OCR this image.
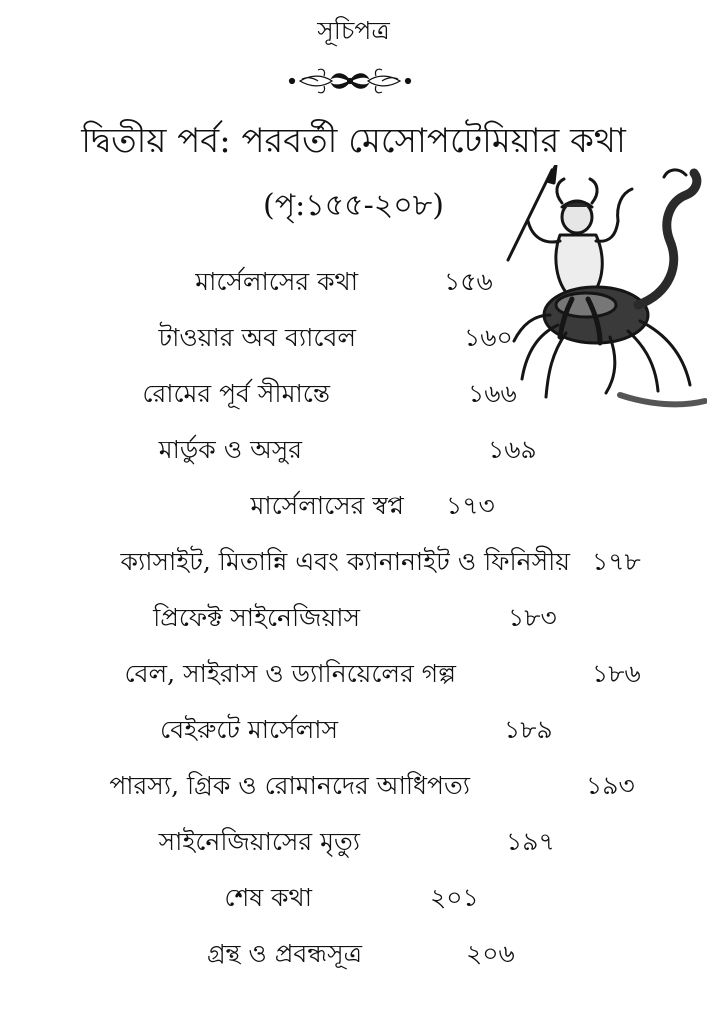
সূচিপত্র
দ্বিতীয় পর্ব: পরবর্তী মেসোপটেমিয়ার কথা
(পৃ:১৫৫-২০৮)
মার্সেলাসের কথা	১৫৬
টাওয়ার অব ব্যাবেল	১৬০
রোমের পূর্ব সীমান্তে	১৬৬
মার্ডুক ও অসুর	১৬৯
মার্সেলাসের স্বপ্ন ১৭৩
ক্যাসাইট, মিতান্নি এবং ক্যানানাইট ও ফিনিসীয় ১৭৮
প্রিফেক্ট সাইনেজিয়াস	১৮৩
বেল, সাইরাস ও ড্যানিয়েলের গল্প	১৮৬
বেইরুটে মার্সেলাস	১৮৯
পারস্য, গ্রিক ও রোমানদের আধিপত্য	১৯৩
সাইনেজিয়াসের মৃত্যু	১৯৭
শেষ কথা	২০১
গ্রন্থ ও প্রবন্ধসূত্র	২০৬
